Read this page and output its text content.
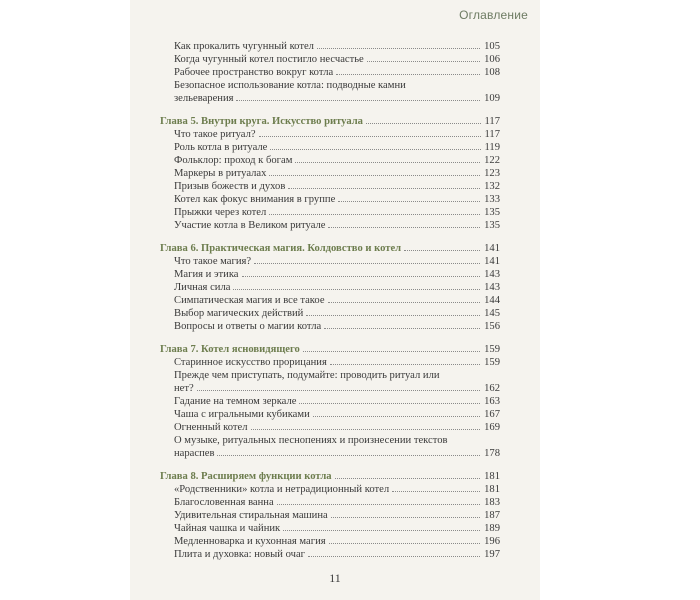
Оглавление
Как прокалить чугунный котел	105
Когда чугунный котел постигло несчастье	106
Рабочее пространство вокруг котла	108
Безопасное использование котла: подводные камни
зельеварения	109
Глава 5. Внутри круга. Искусство ритуала	117
Что такое ритуал?	117
Роль котла в ритуале	119
Фольклор: проход к богам	122
Маркеры в ритуалах	123
Призыв божеств и духов	132
Котел как фокус внимания в группе	133
Прыжки через котел	135
Участие котла в Великом ритуале	135
Глава 6. Практическая магия. Колдовство и котел	141
Что такое магия?	141
Магия и этика	143
Личная сила	143
Симпатическая магия и все такое	144
Выбор магических действий	145
Вопросы и ответы о магии котла	156
Глава 7. Котел ясновидящего	159
Старинное искусство прорицания	159
Прежде чем приступать, подумайте: проводить ритуал или
нет?	162
Гадание на темном зеркале	163
Чаша с игральными кубиками	167
Огненный котел	169
О музыке, ритуальных песнопениях и произнесении текстов
нараспев	178
Глава 8. Расширяем функции котла	181
«Родственники» котла и нетрадиционный котел	181
Благословенная ванна	183
Удивительная стиральная машина	187
Чайная чашка и чайник	189
Медленноварка и кухонная магия	196
Плита и духовка: новый очаг	197
11
